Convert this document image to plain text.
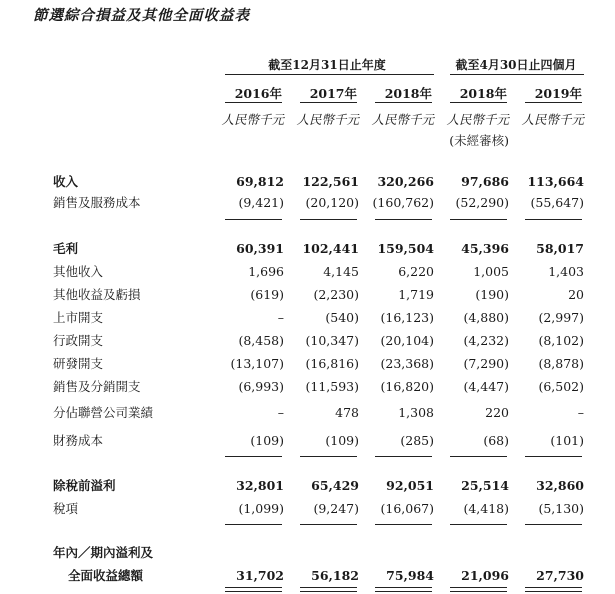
節選綜合損益及其他全面收益表
截至12月31日止年度	截至4月30日止四個月
2016年	2017年	2018年	2018年	2019年
人民幣千元 人民幣千元 人民幣千元 人民幣千元 人民幣千元
(未經審核)
收入 . . .	69,812	122,561	320,266	97,686	113,664
銷售及服務成本 . . .	(9,421)	(20,120)	(160,762)	(52,290)	(55,647)
毛利 . . .	60,391	102,441	159,504	45,396	58,017
其他收入 . . .	1,696	4,145	6,220	1,005	1,403
其他收益及虧損 . . .	(619)	(2,230)	1,719	(190)	20
上市開支 . . .	–	(540)	(16,123)	(4,880)	(2,997)
行政開支 . . .	(8,458)	(10,347)	(20,104)	(4,232)	(8,102)
研發開支 . . .	(13,107)	(16,816)	(23,368)	(7,290)	(8,878)
銷售及分銷開支 . . .	(6,993)	(11,593)	(16,820)	(4,447)	(6,502)
分佔聯營公司業績 . . .	–	478	1,308	220	–
財務成本 . . .	(109)	(109)	(285)	(68)	(101)
除稅前溢利 . . .	32,801	65,429	92,051	25,514	32,860
稅項 . . .	(1,099)	(9,247)	(16,067)	(4,418)	(5,130)
年內／期內溢利及
全面收益總額 . . .	31,702	56,182	75,984	21,096	27,730
